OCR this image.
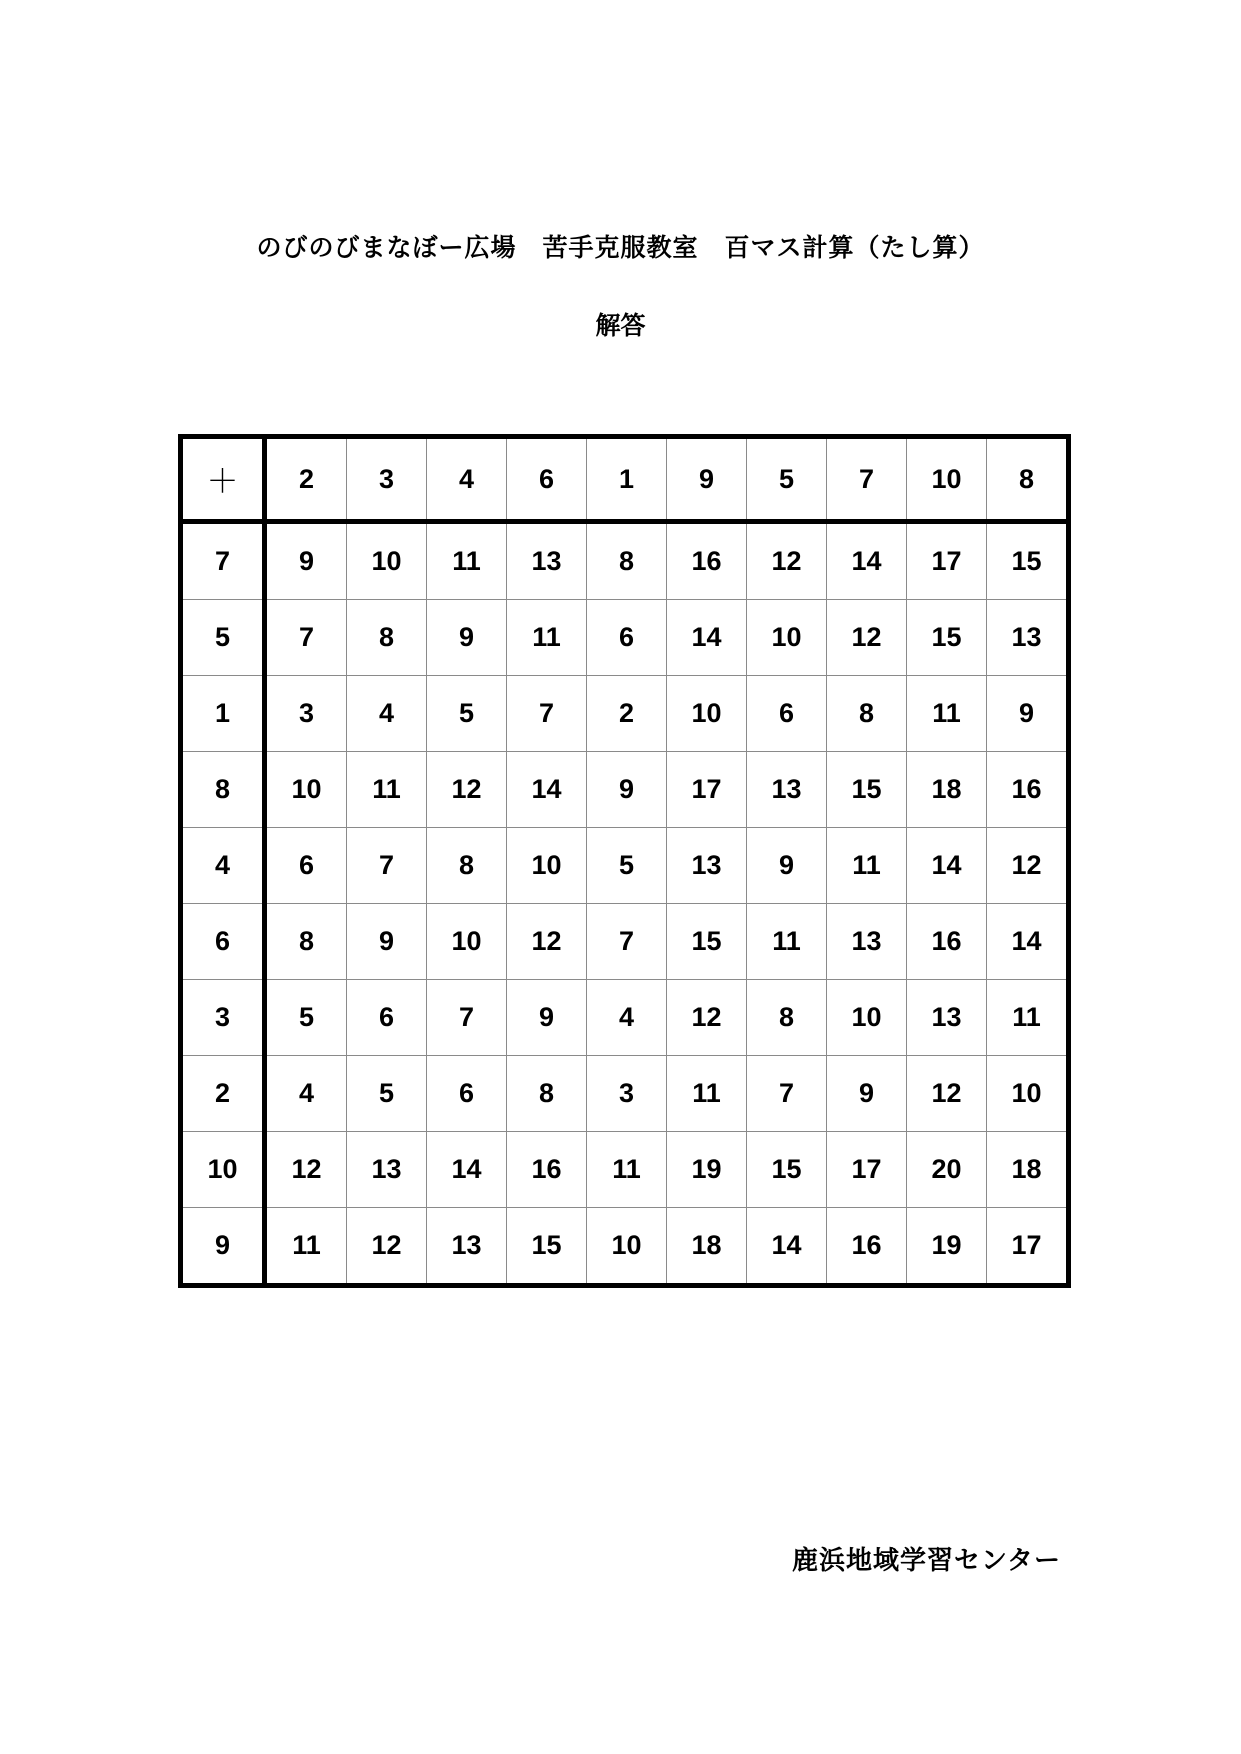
のびのびまなぼー広場　苦手克服教室　百マス計算（たし算）
解答
＋	2	3	4	6	1	9	5	7	10	8
7	9	10	11	13	8	16	12	14	17	15
5	7	8	9	11	6	14	10	12	15	13
1	3	4	5	7	2	10	6	8	11	9
8	10	11	12	14	9	17	13	15	18	16
4	6	7	8	10	5	13	9	11	14	12
6	8	9	10	12	7	15	11	13	16	14
3	5	6	7	9	4	12	8	10	13	11
2	4	5	6	8	3	11	7	9	12	10
10	12	13	14	16	11	19	15	17	20	18
9	11	12	13	15	10	18	14	16	19	17
鹿浜地域学習センター
